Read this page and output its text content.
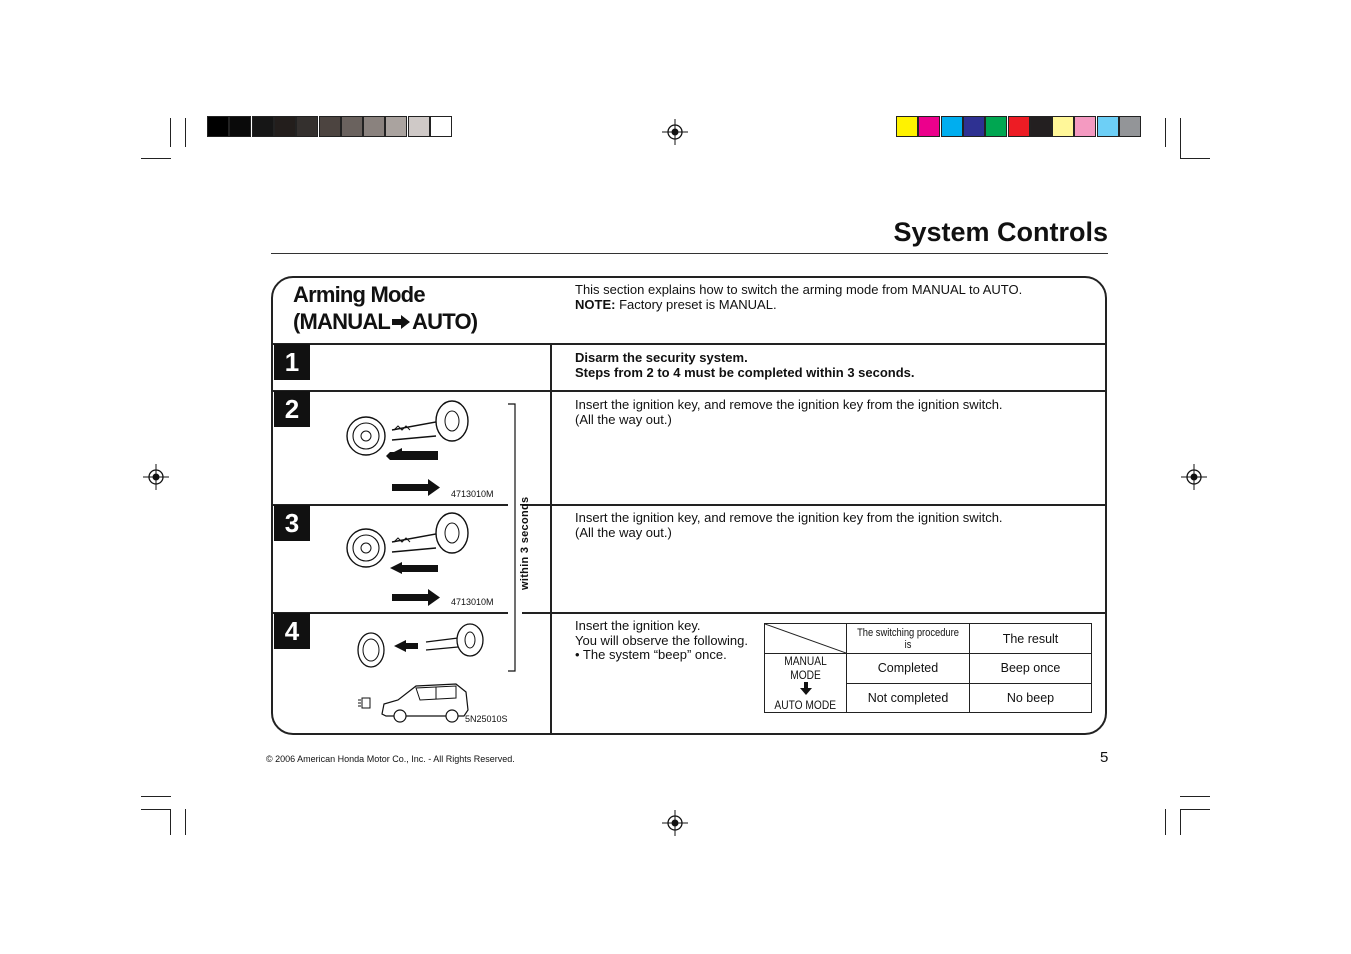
System Controls
Arming Mode
(MANUAL AUTO)
This section explains how to switch the arming mode from MANUAL to AUTO.
NOTE: Factory preset is MANUAL.
1
2
3
4
Disarm the security system.
Steps from 2 to 4 must be completed within 3 seconds.
Insert the ignition key, and remove the ignition key from the ignition switch.
(All the way out.)
Insert the ignition key, and remove the ignition key from the ignition switch.
(All the way out.)
Insert the ignition key.
You will observe the following.
• The system “beep” once.
4713010M
4713010M
within 3 seconds
5N25010S
	The switching procedure is	The result
MANUAL MODE

AUTO MODE	Completed	Beep once
	Not completed	No beep
© 2006 American Honda Motor Co., Inc. - All Rights Reserved.	5
